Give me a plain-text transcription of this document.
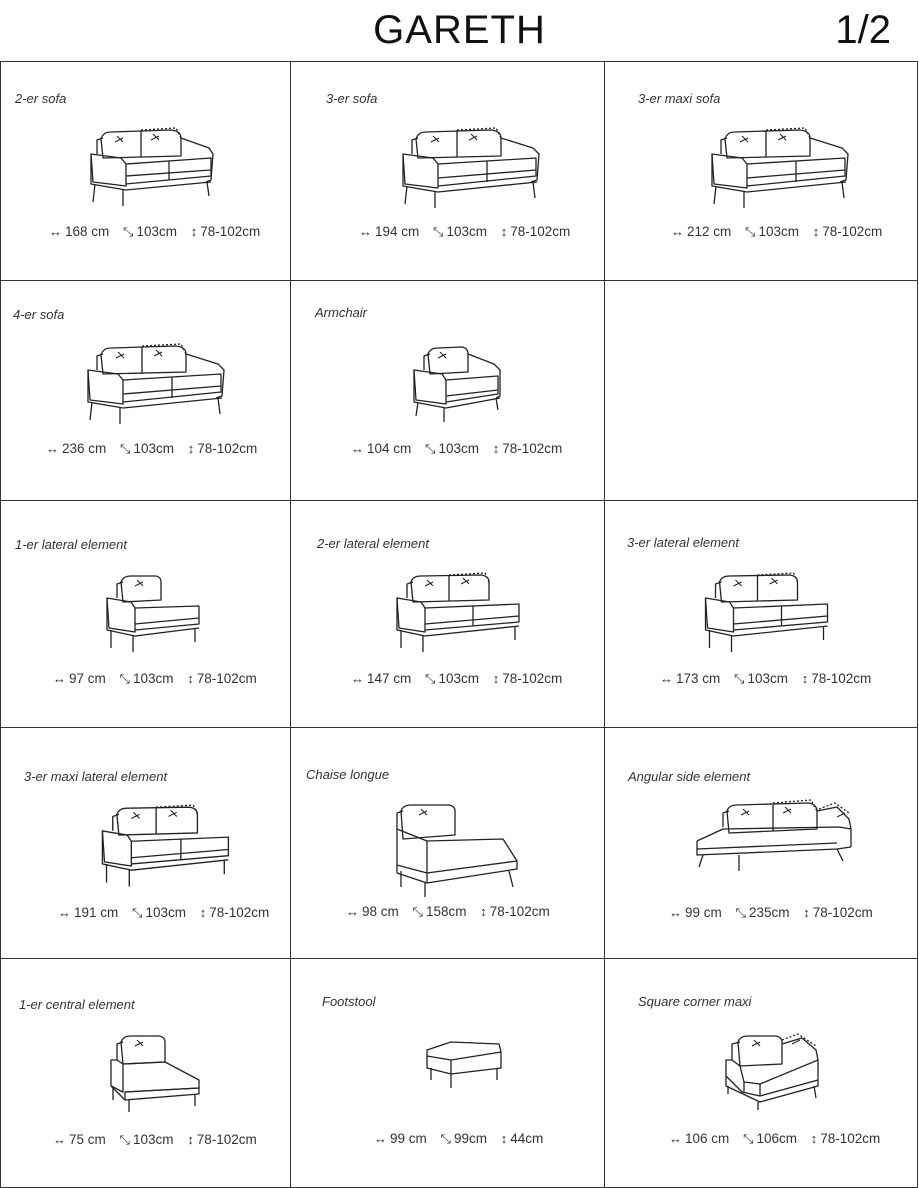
GARETH	1/2
2-er sofa
↔ 168 cm ⤡ 103cm ↕ 78-102cm
3-er sofa
↔ 194 cm ⤡ 103cm ↕ 78-102cm
3-er maxi sofa
↔ 212 cm ⤡ 103cm ↕ 78-102cm
4-er sofa
↔ 236 cm ⤡ 103cm ↕ 78-102cm
Armchair
↔ 104 cm ⤡ 103cm ↕ 78-102cm
1-er lateral element
↔ 97 cm ⤡ 103cm ↕ 78-102cm
2-er lateral element
↔ 147 cm ⤡ 103cm ↕ 78-102cm
3-er lateral element
↔ 173 cm ⤡ 103cm ↕ 78-102cm
3-er maxi lateral element
↔ 191 cm ⤡ 103cm ↕ 78-102cm
Chaise longue
↔ 98 cm ⤡ 158cm ↕ 78-102cm
Angular side element
↔ 99 cm ⤡ 235cm ↕ 78-102cm
1-er central element
↔ 75 cm ⤡ 103cm ↕ 78-102cm
Footstool
↔ 99 cm ⤡ 99cm ↕ 44cm
Square corner maxi
↔ 106 cm ⤡ 106cm ↕ 78-102cm
